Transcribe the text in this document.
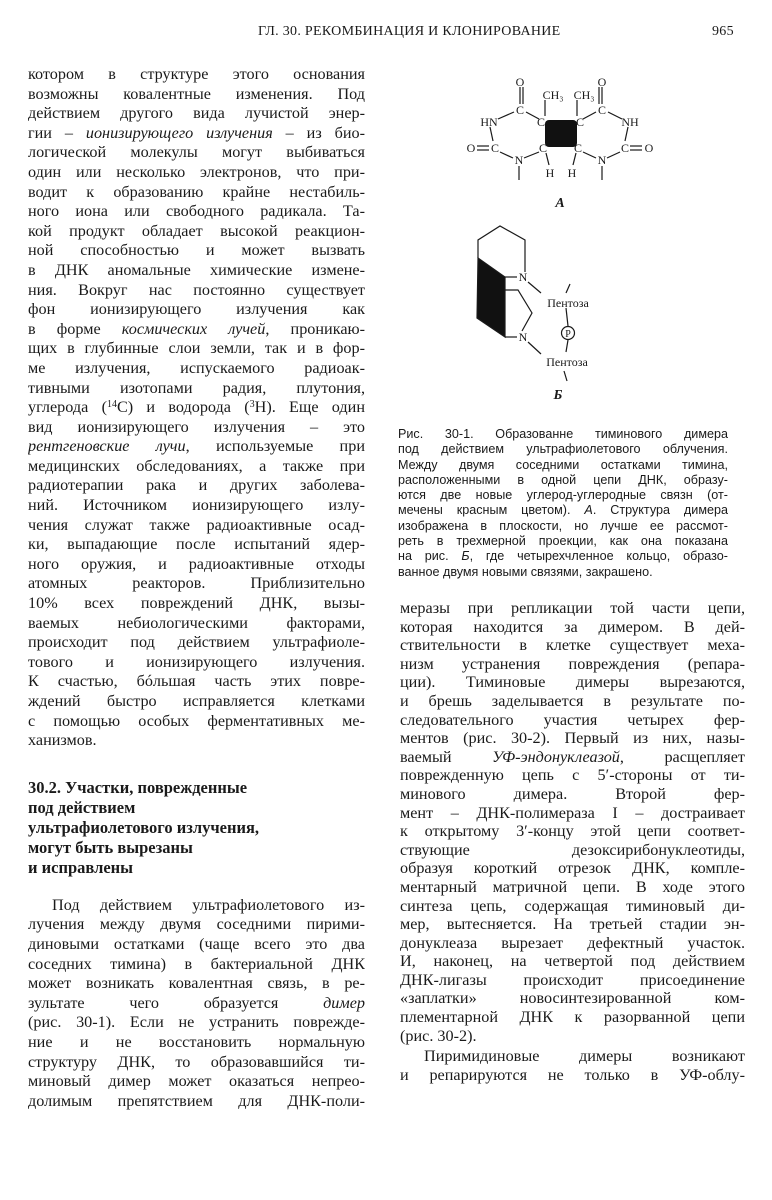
ГЛ. 30. РЕКОМБИНАЦИЯ И КЛОНИРОВАНИЕ	965
котором в структуре этого основания
возможны ковалентные изменения. Под
действием другого вида лучистой энер-
гии – ионизирующего излучения – из био-
логической молекулы могут выбиваться
один или несколько электронов, что при-
водит к образованию крайне нестабиль-
ного иона или свободного радикала. Та-
кой продукт обладает высокой реакцион-
ной способностью и может вызвать
в ДНК аномальные химические измене-
ния. Вокруг нас постоянно существует
фон ионизирующего излучения как
в форме космических лучей, проникаю-
щих в глубинные слои земли, так и в фор-
ме излучения, испускаемого радиоак-
тивными изотопами радия, плутония,
углерода ($^{14}$C) и водорода ($^3$H). Еще один
вид ионизирующего излучения – это
рентгеновские лучи, используемые при
медицинских обследованиях, а также при
радиотерапии рака и других заболева-
ний. Источником ионизирующего излу-
чения служат также радиоактивные осад-
ки, выпадающие после испытаний ядер-
ного оружия, и радиоактивные отходы
атомных реакторов. Приблизительно
10% всех повреждений ДНК, вызы-
ваемых небиологическими факторами,
происходит под действием ультрафиоле-
тового и ионизирующего излучения.
К счастью, бóльшая часть этих повре-
ждений быстро исправляется клетками
с помощью особых ферментативных ме-
ханизмов.
30.2. Участки, поврежденные
под действием
ультрафиолетового излучения,
могут быть вырезаны
и исправлены
Под действием ультрафиолетового из-
лучения между двумя соседними пирими-
диновыми остатками (чаще всего это два
соседних тимина) в бактериальной ДНК
может возникать ковалентная связь, в ре-
зультате чего образуется димер
(рис. 30-1). Если не устранить поврежде-
ние и не восстановить нормальную
структуру ДНК, то образовавшийся ти-
миновый димер может оказаться непрео-
долимым препятствием для ДНК-поли-
O	O
C	C
CH₃ CH₃
HN	NH
C	C
O C	C O
C C
N	N
H H
А
N
N
Пентоза
P
Пентоза
Б
Рис. 30-1. Образованне тиминового димера
под действием ультрафиолетового облучения.
Между двумя соседними остатками тимина,
расположенными в одной цепи ДНК, образу-
ются две новые углерод-углеродные связн (от-
мечены красным цветом). А. Структура димера
изображена в плоскости, но лучше ее рассмот-
реть в трехмерной проекции, как она показана
на рис. Б, где четырехчленное кольцо, образо-
ванное двумя новыми связями, закрашено.
меразы при репликации той части цепи,
которая находится за димером. В дей-
ствительности в клетке существует меха-
низм устранения повреждения (репара-
ции). Тиминовые димеры вырезаются,
и брешь заделывается в результате по-
следовательного участия четырех фер-
ментов (рис. 30-2). Первый из них, назы-
ваемый УФ-эндонуклеазой, расщепляет
поврежденную цепь с 5′-стороны от ти-
минового димера. Второй фер-
мент – ДНК-полимераза I – достраивает
к открытому 3′-концу этой цепи соответ-
ствующие дезоксирибонуклеотиды,
образуя короткий отрезок ДНК, компле-
ментарный матричной цепи. В ходе этого
синтеза цепь, содержащая тиминовый ди-
мер, вытесняется. На третьей стадии эн-
донуклеаза вырезает дефектный участок.
И, наконец, на четвертой под действием
ДНК-лигазы происходит присоединение
«заплатки» новосинтезированной ком-
плементарной ДНК к разорванной цепи
(рис. 30-2).
Пиримидиновые димеры возникают
и репарируются не только в УФ-облу-
